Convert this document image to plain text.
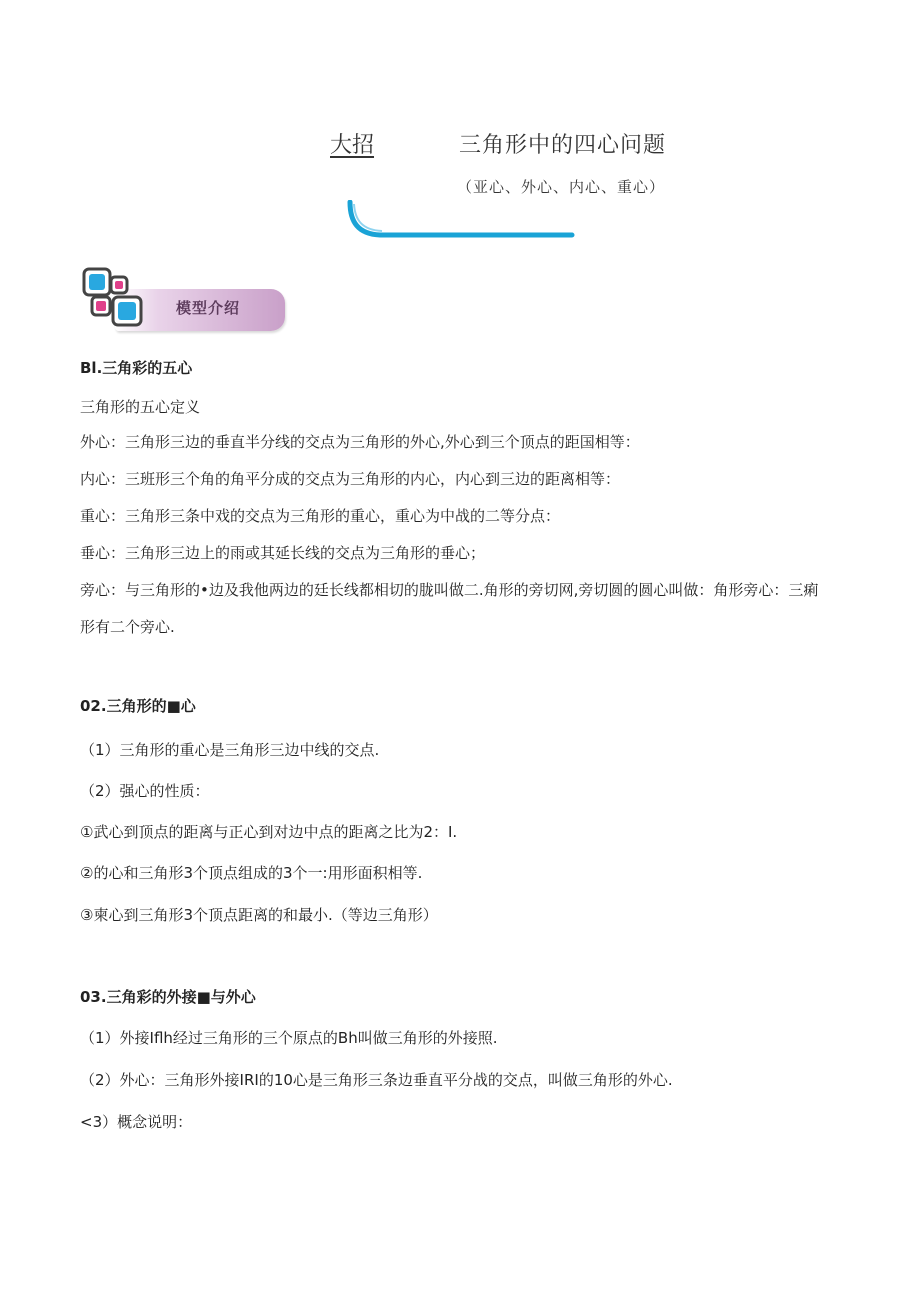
大招	三角形中的四心问题
（亚心、外心、内心、重心）
模型介绍
Bl.三角彩的五心
三角形的五心定义
外心：三角形三边的垂直半分线的交点为三角形的外心,外心到三个顶点的距国相等：
内心：三班形三个角的角平分成的交点为三角形的内心，内心到三边的距离相等：
重心：三角形三条中戏的交点为三角形的重心，重心为中战的二等分点：
垂心：三角形三边上的雨或其延长线的交点为三角形的垂心；
旁心：与三角形的•边及我他两边的廷长线都相切的胧叫做二.角形的旁切网,旁切圆的圆心叫做：角形旁心：三痢
形有二个旁心.
02.三角形的■心
（1）三角形的重心是三角形三边中线的交点.
（2）强心的性质：
①武心到顶点的距离与正心到对边中点的距离之比为2：I.
②的心和三角形3个顶点组成的3个一:用形面积相等.
③柬心到三角形3个顶点距离的和最小.（等边三角形）
03.三角彩的外接■与外心
（1）外接Iflh经过三角形的三个原点的Bh叫做三角形的外接照.
（2）外心：三角形外接IRI的10心是三角形三条边垂直平分战的交点，叫做三角形的外心.
<3）概念说明：
